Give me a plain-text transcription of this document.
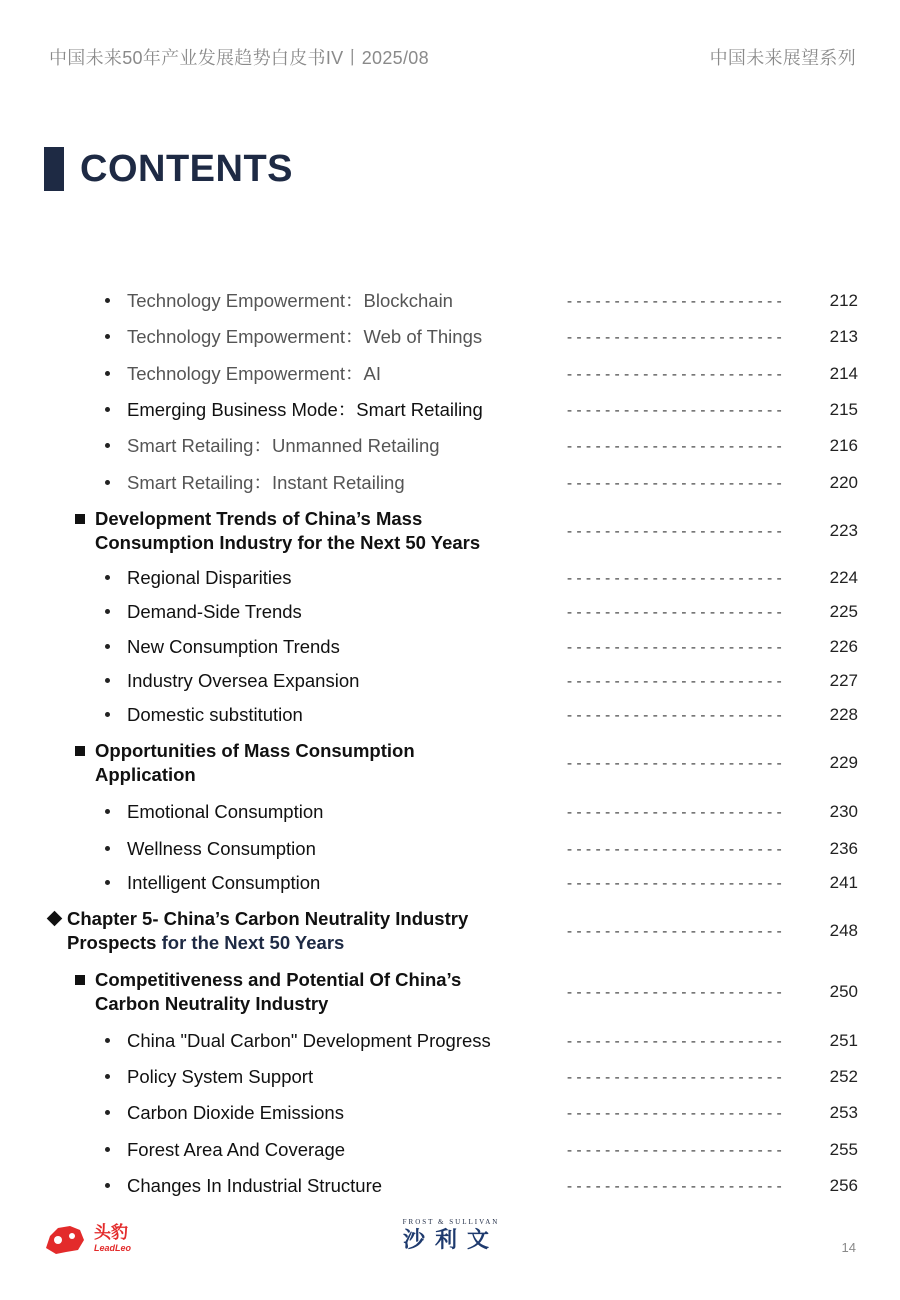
中国未来50年产业发展趋势白皮书IV丨2025/08	中国未来展望系列
CONTENTS
Technology Empowerment：Blockchain	-----------------------	212
Technology Empowerment：Web of Things	-----------------------	213
Technology Empowerment：AI	-----------------------	214
Emerging Business Mode：Smart Retailing	-----------------------	215
Smart Retailing：Unmanned Retailing	-----------------------	216
Smart Retailing：Instant Retailing	-----------------------	220
Development Trends of China’s Mass
Consumption Industry for the Next 50 Years
-----------------------	223
Regional Disparities	-----------------------	224
Demand-Side Trends	-----------------------	225
New Consumption Trends	-----------------------	226
Industry Oversea Expansion	-----------------------	227
Domestic substitution	-----------------------	228
Opportunities of Mass Consumption
Application
-----------------------	229
Emotional Consumption	-----------------------	230
Wellness Consumption	-----------------------	236
Intelligent Consumption	-----------------------	241
Chapter 5- China’s Carbon Neutrality Industry
Prospects for the Next 50 Years
-----------------------	248
Competitiveness and Potential Of China’s
Carbon Neutrality Industry
-----------------------	250
China "Dual Carbon" Development Progress	-----------------------	251
Policy System Support	-----------------------	252
Carbon Dioxide Emissions	-----------------------	253
Forest Area And Coverage	-----------------------	255
Changes In Industrial Structure	-----------------------	256
头豹
LeadLeo
FROST & SULLIVAN
沙利文	14
